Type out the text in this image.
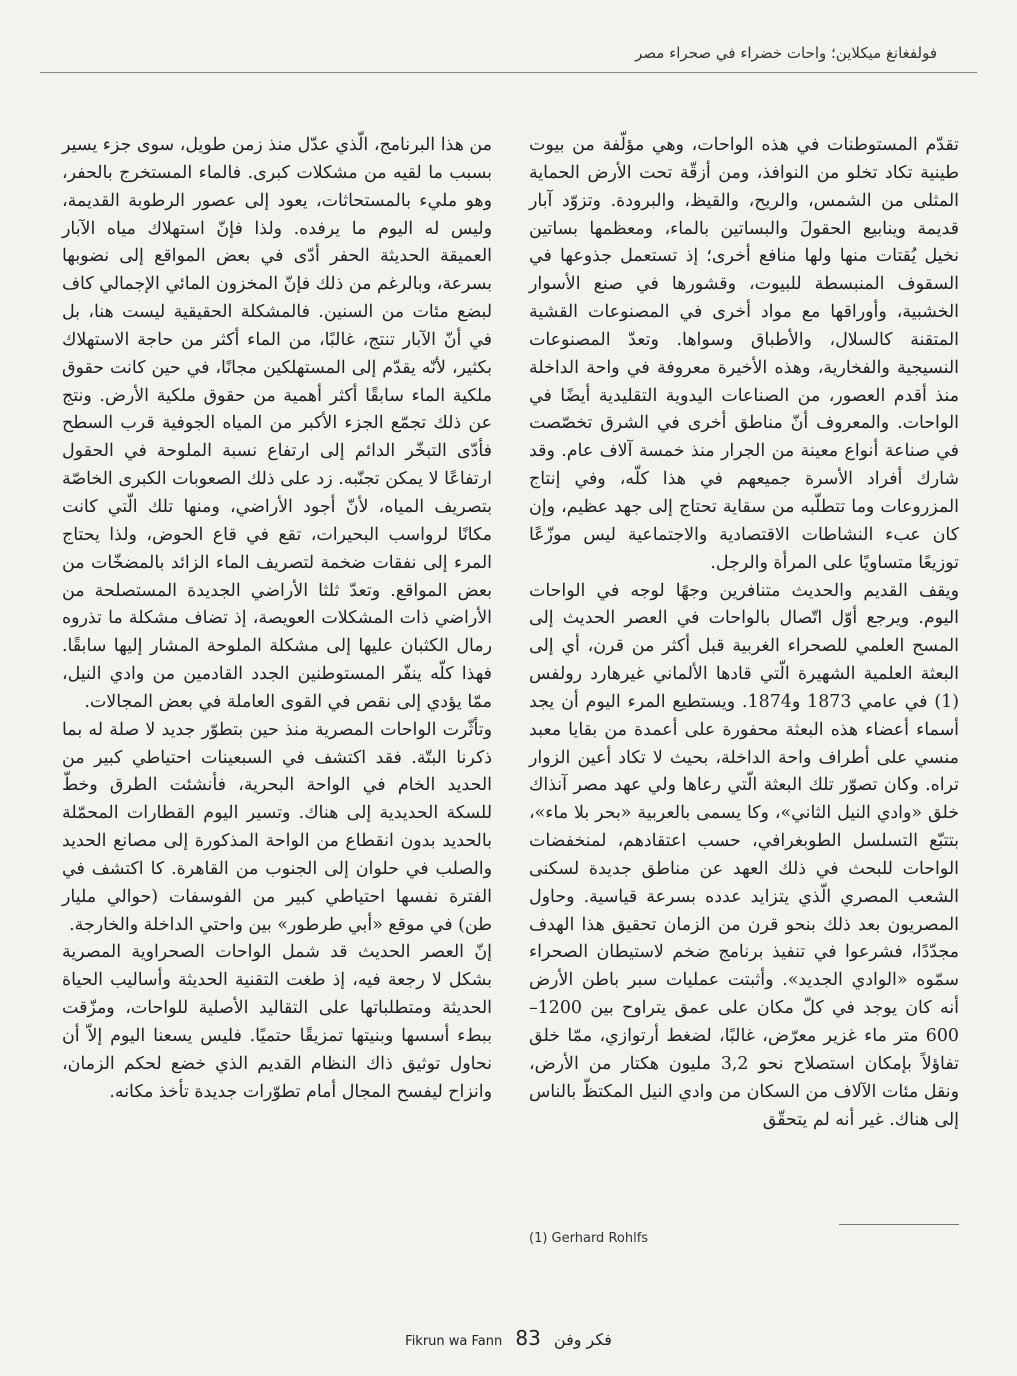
فولفغانغ ميكلاين؛ واحات خضراء في صحراء مصر

تقدّم المستوطنات في هذه الواحات، وهي مؤلّفة من بيوت طينية تكاد تخلو من النوافذ، ومن أزقّة تحت الأرض الحماية المثلى من الشمس، والريح، والقيظ، والبرودة. وتزوّد آبار قديمة وينابيع الحقولَ والبساتين بالماء، ومعظمها بساتين نخيل يُقتات منها ولها منافع أخرى؛ إذ تستعمل جذوعها في السقوف المنبسطة للبيوت، وقشورها في صنع الأسوار الخشبية، وأوراقها مع مواد أخرى في المصنوعات القشية المتقنة كالسلال، والأطباق وسواها. وتعدّ المصنوعات النسيجية والفخارية، وهذه الأخيرة معروفة في واحة الداخلة منذ أقدم العصور، من الصناعات اليدوية التقليدية أيضًا في الواحات. والمعروف أنّ مناطق أخرى في الشرق تخصّصت في صناعة أنواع معينة من الجرار منذ خمسة آلاف عام. وقد شارك أفراد الأسرة جميعهم في هذا كلّه، وفي إنتاج المزروعات وما تتطلّبه من سقاية تحتاج إلى جهد عظيم، وإن كان عبء النشاطات الاقتصادية والاجتماعية ليس موزّعًا توزيعًا متساويًا على المرأة والرجل.

ويقف القديم والحديث متنافرين وجهًا لوجه في الواحات اليوم. ويرجع أوّل اتّصال بالواحات في العصر الحديث إلى المسح العلمي للصحراء الغربية قبل أكثر من قرن، أي إلى البعثة العلمية الشهيرة الّتي قادها الألماني غيرهارد رولفس (1) في عامي 1873 و1874. ويستطيع المرء اليوم أن يجد أسماء أعضاء هذه البعثة محفورة على أعمدة من بقايا معبد منسي على أطراف واحة الداخلة، بحيث لا تكاد أعين الزوار تراه. وكان تصوّر تلك البعثة الّتي رعاها ولي عهد مصر آنذاك خلق «وادي النيل الثاني»، وكا يسمى بالعربية «بحر بلا ماء»، بتتبّع التسلسل الطوبغرافي، حسب اعتقادهم، لمنخفضات الواحات للبحث في ذلك العهد عن مناطق جديدة لسكنى الشعب المصري الّذي يتزايد عدده بسرعة قياسية. وحاول المصريون بعد ذلك بنحو قرن من الزمان تحقيق هذا الهدف مجدّدًا، فشرعوا في تنفيذ برنامج ضخم لاستيطان الصحراء سمّوه «الوادي الجديد». وأثبتت عمليات سبر باطن الأرض أنه كان يوجد في كلّ مكان على عمق يتراوح بين 1200–600 متر ماء غزير معرّض، غالبًا، لضغط أرتوازي، ممّا خلق تفاؤلاً بإمكان استصلاح نحو 3,2 مليون هكتار من الأرض، ونقل مئات الآلاف من السكان من وادي النيل المكتظّ بالناس إلى هناك. غير أنه لم يتحقّق

من هذا البرنامج، الّذي عدّل منذ زمن طويل، سوى جزء يسير بسبب ما لقيه من مشكلات كبرى. فالماء المستخرج بالحفر، وهو مليء بالمستحاثات، يعود إلى عصور الرطوبة القديمة، وليس له اليوم ما يرفده. ولذا فإنّ استهلاك مياه الآبار العميقة الحديثة الحفر أدّى في بعض المواقع إلى نضوبها بسرعة، وبالرغم من ذلك فإنّ المخزون المائي الإجمالي كاف لبضع مئات من السنين. فالمشكلة الحقيقية ليست هنا، بل في أنّ الآبار تنتج، غالبًا، من الماء أكثر من حاجة الاستهلاك بكثير، لأنّه يقدّم إلى المستهلكين مجانًا، في حين كانت حقوق ملكية الماء سابقًا أكثر أهمية من حقوق ملكية الأرض. ونتج عن ذلك تجمّع الجزء الأكبر من المياه الجوفية قرب السطح فأدّى التبخّر الدائم إلى ارتفاع نسبة الملوحة في الحقول ارتفاعًا لا يمكن تجنّبه. زد على ذلك الصعوبات الكبرى الخاصّة بتصريف المياه، لأنّ أجود الأراضي، ومنها تلك الّتي كانت مكانًا لرواسب البحيرات، تقع في قاع الحوض، ولذا يحتاج المرء إلى نفقات ضخمة لتصريف الماء الزائد بالمضخّات من بعض المواقع. وتعدّ ثلثا الأراضي الجديدة المستصلحة من الأراضي ذات المشكلات العويصة، إذ تضاف مشكلة ما تذروه رمال الكثبان عليها إلى مشكلة الملوحة المشار إليها سابقًا. فهذا كلّه ينفّر المستوطنين الجدد القادمين من وادي النيل، ممّا يؤدي إلى نقص في القوى العاملة في بعض المجالات.

وتأثّرت الواحات المصرية منذ حين بتطوّر جديد لا صلة له بما ذكرنا البتّة. فقد اكتشف في السبعينات احتياطي كبير من الحديد الخام في الواحة البحرية، فأنشئت الطرق وخطّ للسكة الحديدية إلى هناك. وتسير اليوم القطارات المحمّلة بالحديد بدون انقطاع من الواحة المذكورة إلى مصانع الحديد والصلب في حلوان إلى الجنوب من القاهرة. كا اكتشف في الفترة نفسها احتياطي كبير من الفوسفات (حوالي مليار طن) في موقع «أبي طرطور» بين واحتي الداخلة والخارجة.

إنّ العصر الحديث قد شمل الواحات الصحراوية المصرية بشكل لا رجعة فيه، إذ طغت التقنية الحديثة وأساليب الحياة الحديثة ومتطلباتها على التقاليد الأصلية للواحات، ومزّقت ببطء أسسها وبنيتها تمزيقًا حتميًا. فليس يسعنا اليوم إلاّ أن نحاول توثيق ذاك النظام القديم الذي خضع لحكم الزمان، وانزاح ليفسح المجال أمام تطوّرات جديدة تأخذ مكانه.

(1) Gerhard Rohlfs
Fikrun wa Fann 83 فكر وفن
